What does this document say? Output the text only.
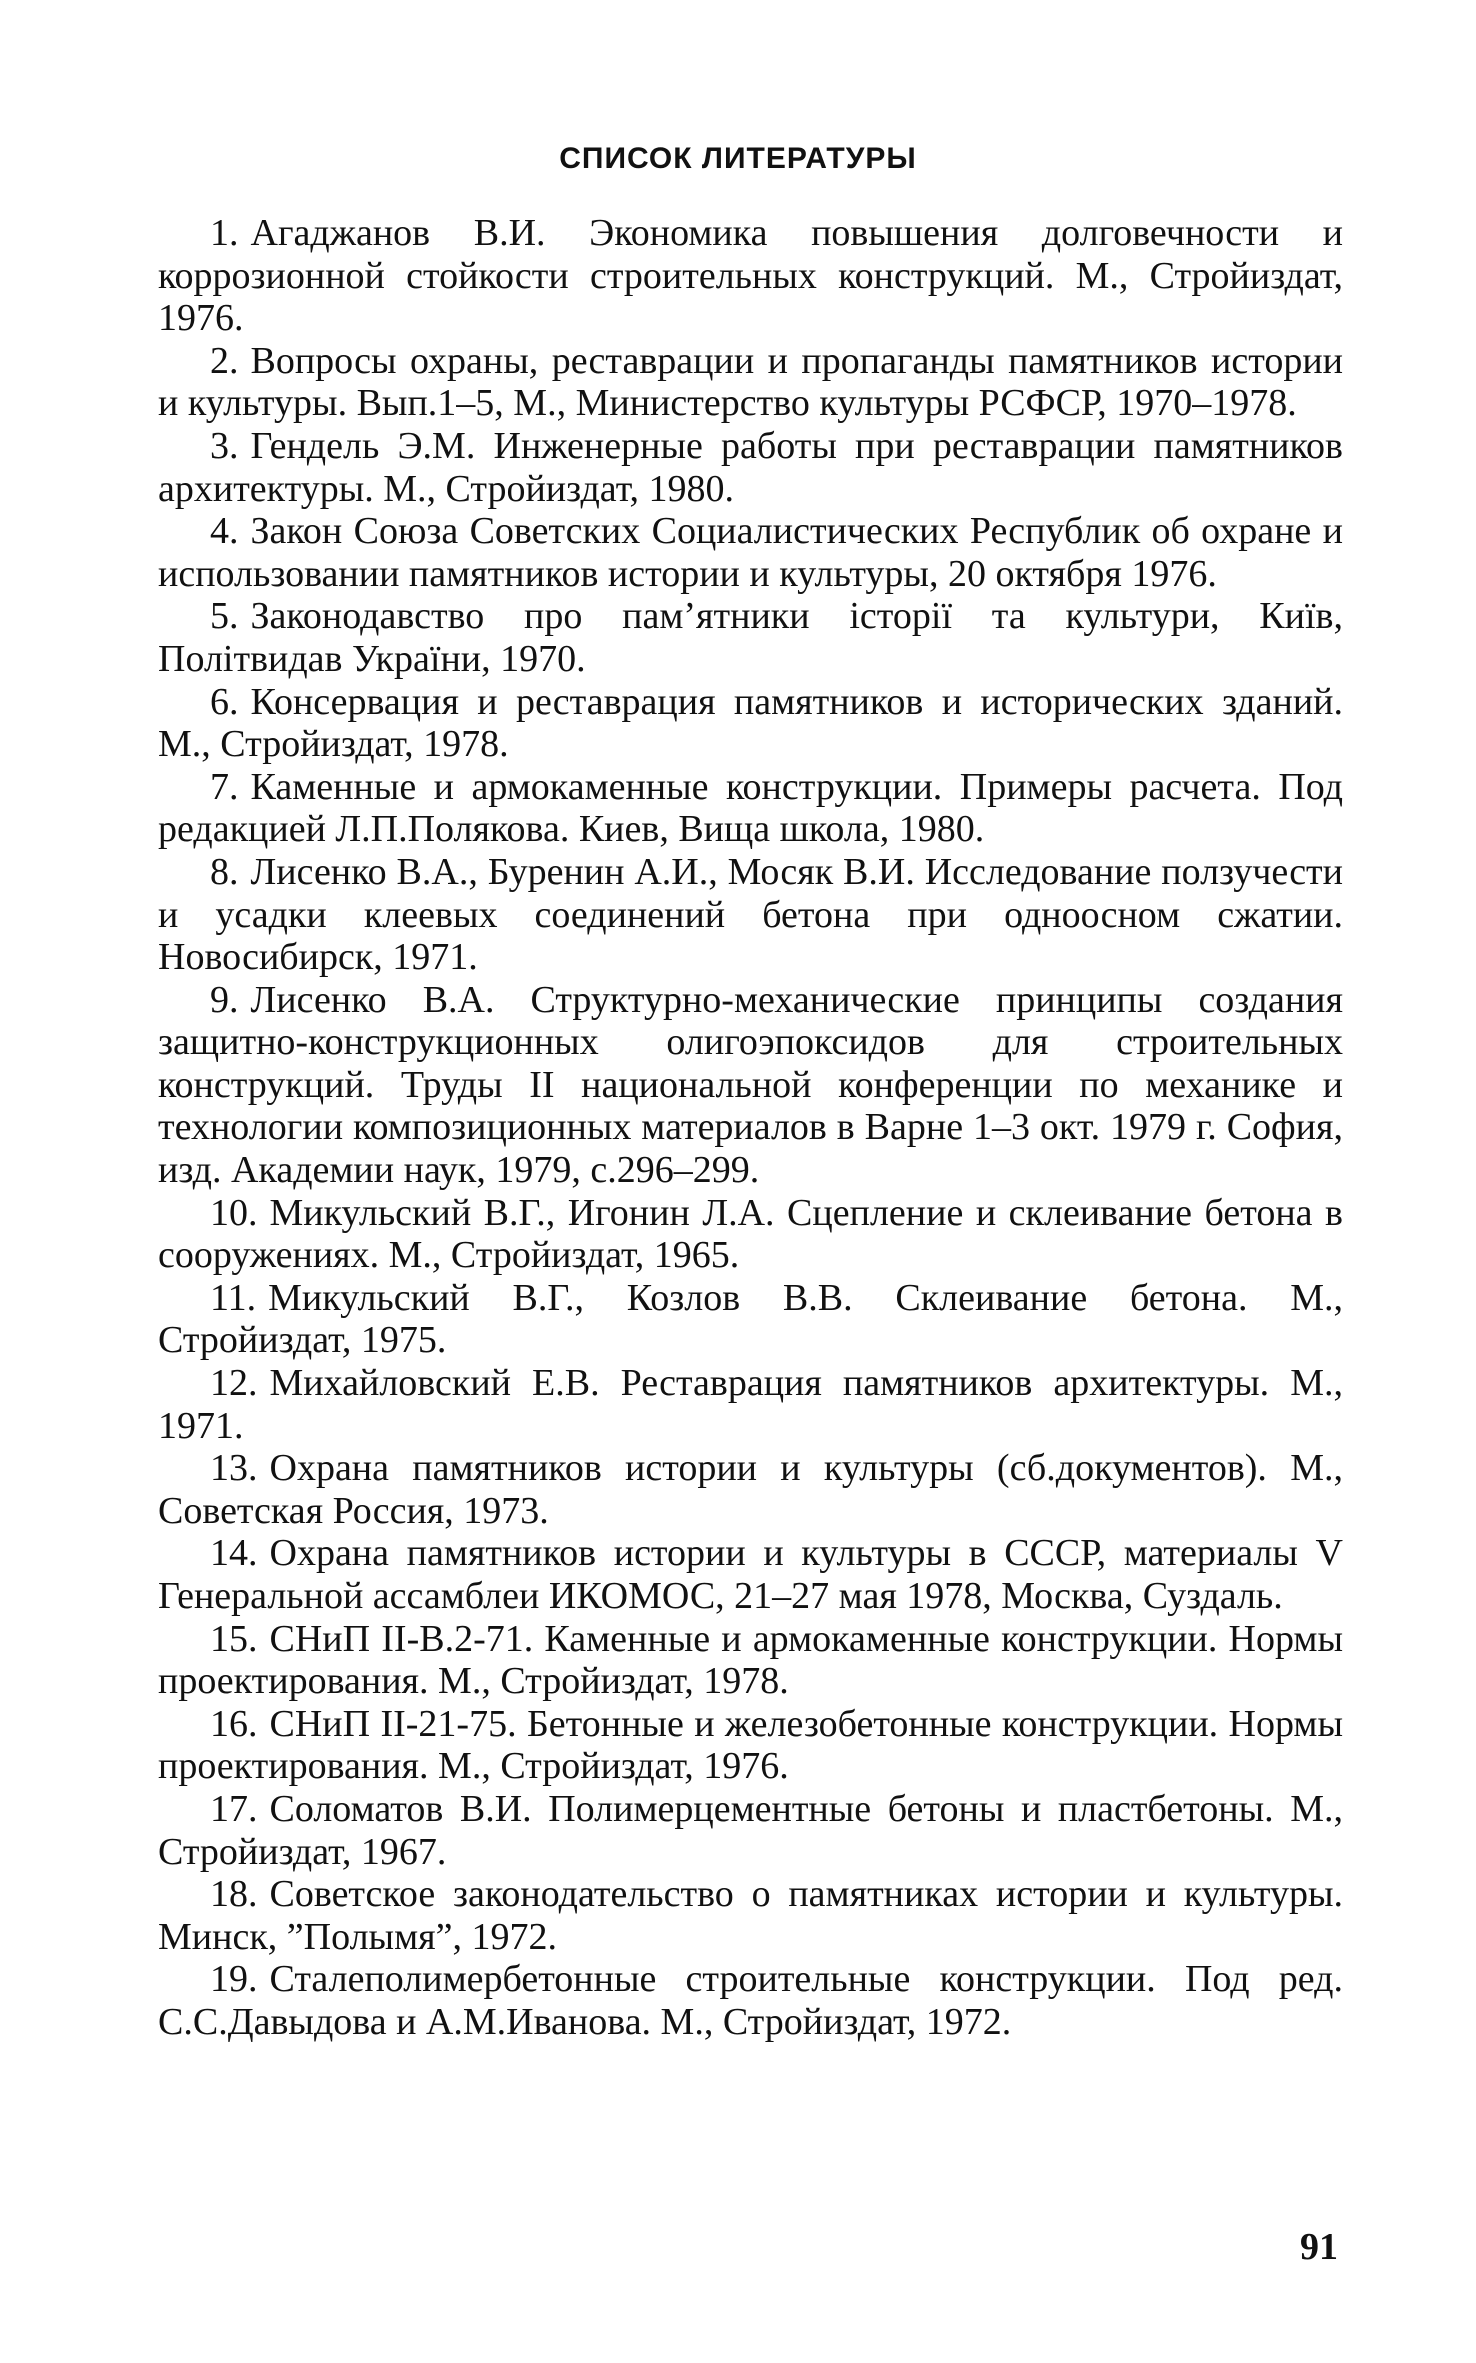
СПИСОК ЛИТЕРАТУРЫ
1. Агаджанов В.И. Экономика повышения долговечности и коррозионной стойкости строительных конструкций. М., Стройиздат, 1976.
2. Вопросы охраны, реставрации и пропаганды памятников истории и культуры. Вып.1–5, М., Министерство культуры РСФСР, 1970–1978.
3. Гендель Э.М. Инженерные работы при реставрации памятников архитектуры. М., Стройиздат, 1980.
4. Закон Союза Советских Социалистических Республик об охране и использовании памятников истории и культуры, 20 октября 1976.
5. Законодавство про пам’ятники історії та культури, Київ, Політвидав України, 1970.
6. Консервация и реставрация памятников и исторических зданий. М., Стройиздат, 1978.
7. Каменные и армокаменные конструкции. Примеры расчета. Под редакцией Л.П.Полякова. Киев, Вища школа, 1980.
8. Лисенко В.А., Буренин А.И., Мосяк В.И. Исследование ползучести и усадки клеевых соединений бетона при одноосном сжатии. Новосибирск, 1971.
9. Лисенко В.А. Структурно-механические принципы создания защитно-конструкционных олигоэпоксидов для строительных конструкций. Труды II национальной конференции по механике и технологии композиционных материалов в Варне 1–3 окт. 1979 г. София, изд. Академии наук, 1979, с.296–299.
10. Микульский В.Г., Игонин Л.А. Сцепление и склеивание бетона в сооружениях. М., Стройиздат, 1965.
11. Микульский В.Г., Козлов В.В. Склеивание бетона. М., Стройиздат, 1975.
12. Михайловский Е.В. Реставрация памятников архитектуры. М., 1971.
13. Охрана памятников истории и культуры (сб.документов). М., Советская Россия, 1973.
14. Охрана памятников истории и культуры в СССР, материалы V Генеральной ассамблеи ИКОМОС, 21–27 мая 1978, Москва, Суздаль.
15. СНиП II-В.2-71. Каменные и армокаменные конструкции. Нормы проектирования. М., Стройиздат, 1978.
16. СНиП II-21-75. Бетонные и железобетонные конструкции. Нормы проектирования. М., Стройиздат, 1976.
17. Соломатов В.И. Полимерцементные бетоны и пластбетоны. М., Стройиздат, 1967.
18. Советское законодательство о памятниках истории и культуры. Минск, ”Полымя”, 1972.
19. Сталеполимербетонные строительные конструкции. Под ред. С.С.Давыдова и А.М.Иванова. М., Стройиздат, 1972.
91
